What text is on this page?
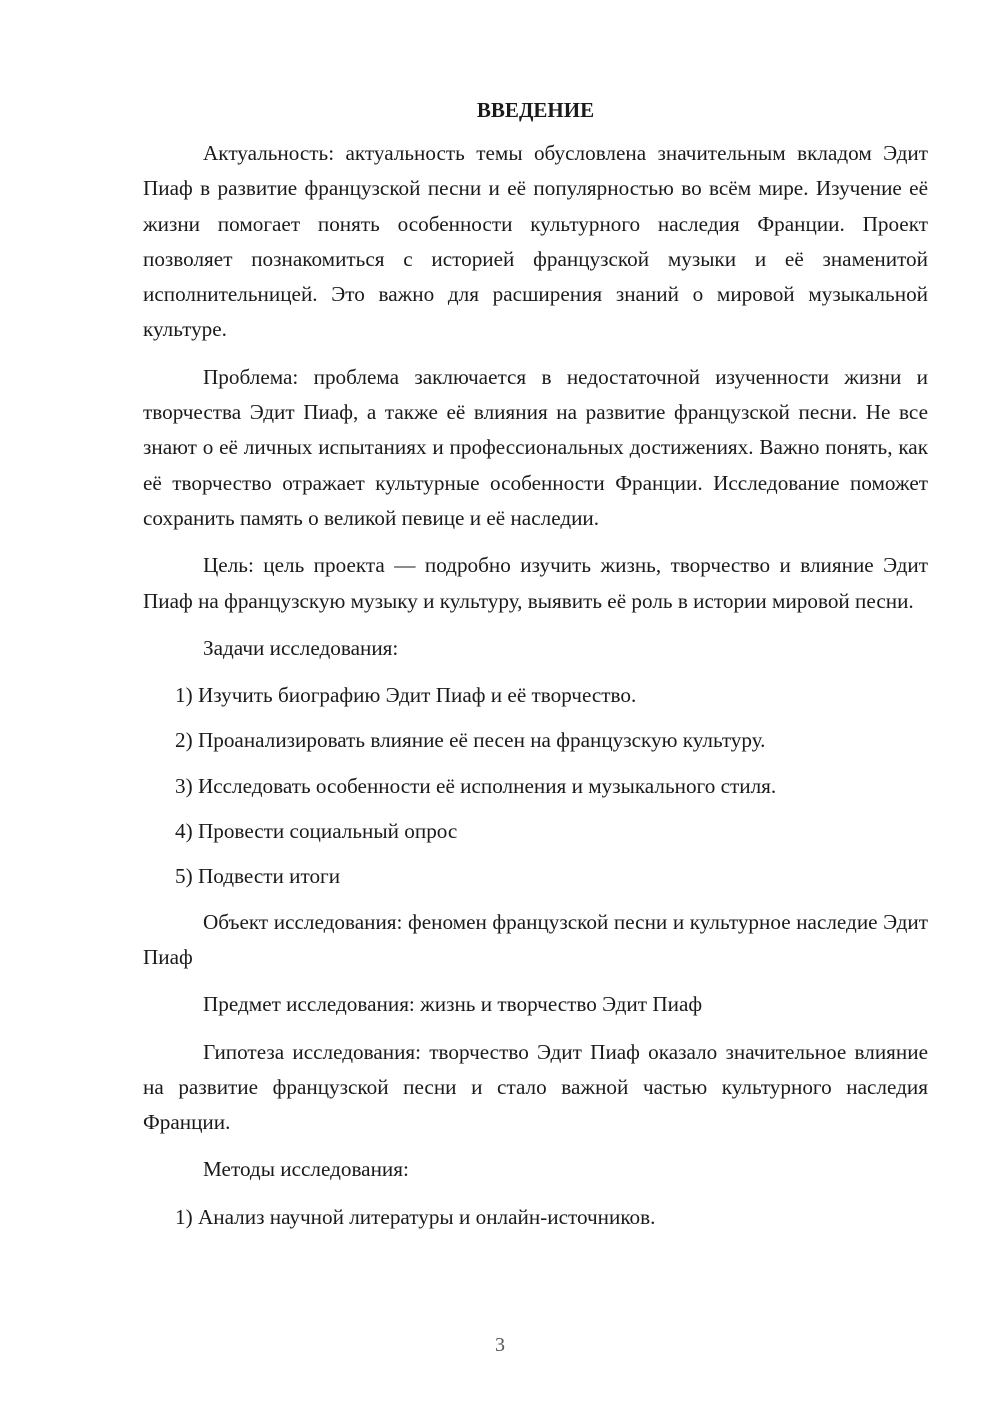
ВВЕДЕНИЕ

Актуальность: актуальность темы обусловлена значительным вкладом Эдит Пиаф в развитие французской песни и её популярностью во всём мире. Изучение её жизни помогает понять особенности культурного наследия Франции. Проект позволяет познакомиться с историей французской музыки и её знаменитой исполнительницей. Это важно для расширения знаний о мировой музыкальной культуре.

Проблема: проблема заключается в недостаточной изученности жизни и творчества Эдит Пиаф, а также её влияния на развитие французской песни. Не все знают о её личных испытаниях и профессиональных достижениях. Важно понять, как её творчество отражает культурные особенности Франции. Исследование поможет сохранить память о великой певице и её наследии.

Цель: цель проекта — подробно изучить жизнь, творчество и влияние Эдит Пиаф на французскую музыку и культуру, выявить её роль в истории мировой песни.

Задачи исследования:

1) Изучить биографию Эдит Пиаф и её творчество.
2) Проанализировать влияние её песен на французскую культуру.
3) Исследовать особенности её исполнения и музыкального стиля.
4) Провести социальный опрос
5) Подвести итоги

Объект исследования: феномен французской песни и культурное наследие Эдит Пиаф

Предмет исследования: жизнь и творчество Эдит Пиаф

Гипотеза исследования: творчество Эдит Пиаф оказало значительное влияние на развитие французской песни и стало важной частью культурного наследия Франции.

Методы исследования:

1) Анализ научной литературы и онлайн-источников.
3
